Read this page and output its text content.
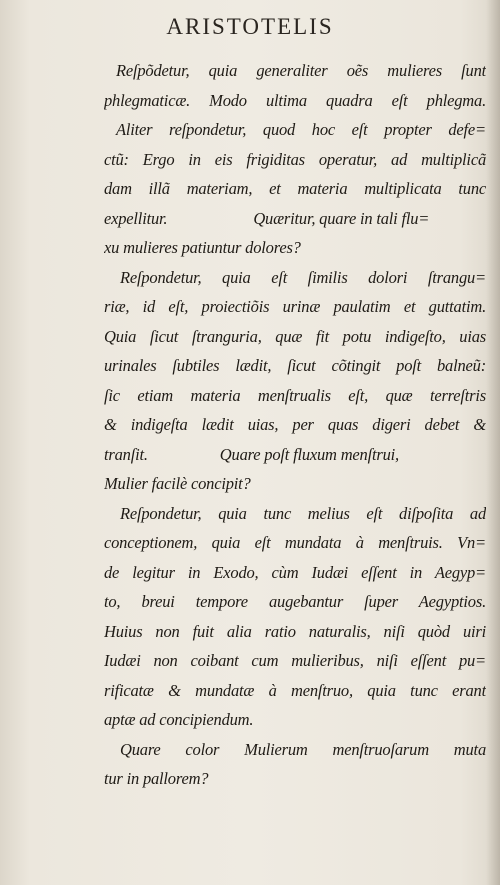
ARISTOTELIS
Reſpõdetur, quia generaliter oẽs mulieres ſunt
phlegmaticæ. Modo ultima quadra eſt phlegma.
Aliter reſpondetur, quod hoc eſt propter defe=
ctũ: Ergo in eis frigiditas operatur, ad multiplicã
dam illã materiam, et materia multiplicata tunc
expellitur.	Quæritur, quare in tali flu=
xu mulieres patiuntur dolores?
Reſpondetur, quia eſt ſimilis dolori ſtrangu=
riæ, id eſt, proiectiõis urinæ paulatim et guttatim.
Quia ſicut ſtranguria, quæ fit potu indigeſto, uias
urinales ſubtiles lædit, ſicut cõtingit poſt balneũ:
ſic etiam materia menſtrualis eſt, quæ terreſtris
& indigeſta lædit uias, per quas digeri debet &
tranſit.	Quare poſt fluxum menſtrui,
Mulier facilè concipit?
Reſpondetur, quia tunc melius eſt diſpoſita ad
conceptionem, quia eſt mundata à menſtruis. Vn=
de legitur in Exodo, cùm Iudæi eſſent in Aegyp=
to, breui tempore augebantur ſuper Aegyptios.
Huius non fuit alia ratio naturalis, niſi quòd uiri
Iudæi non coibant cum mulieribus, niſi eſſent pu=
rificatæ & mundatæ à menſtruo, quia tunc erant
aptæ ad concipiendum.
Quare color Mulierum menſtruoſarum muta
tur in pallorem?
